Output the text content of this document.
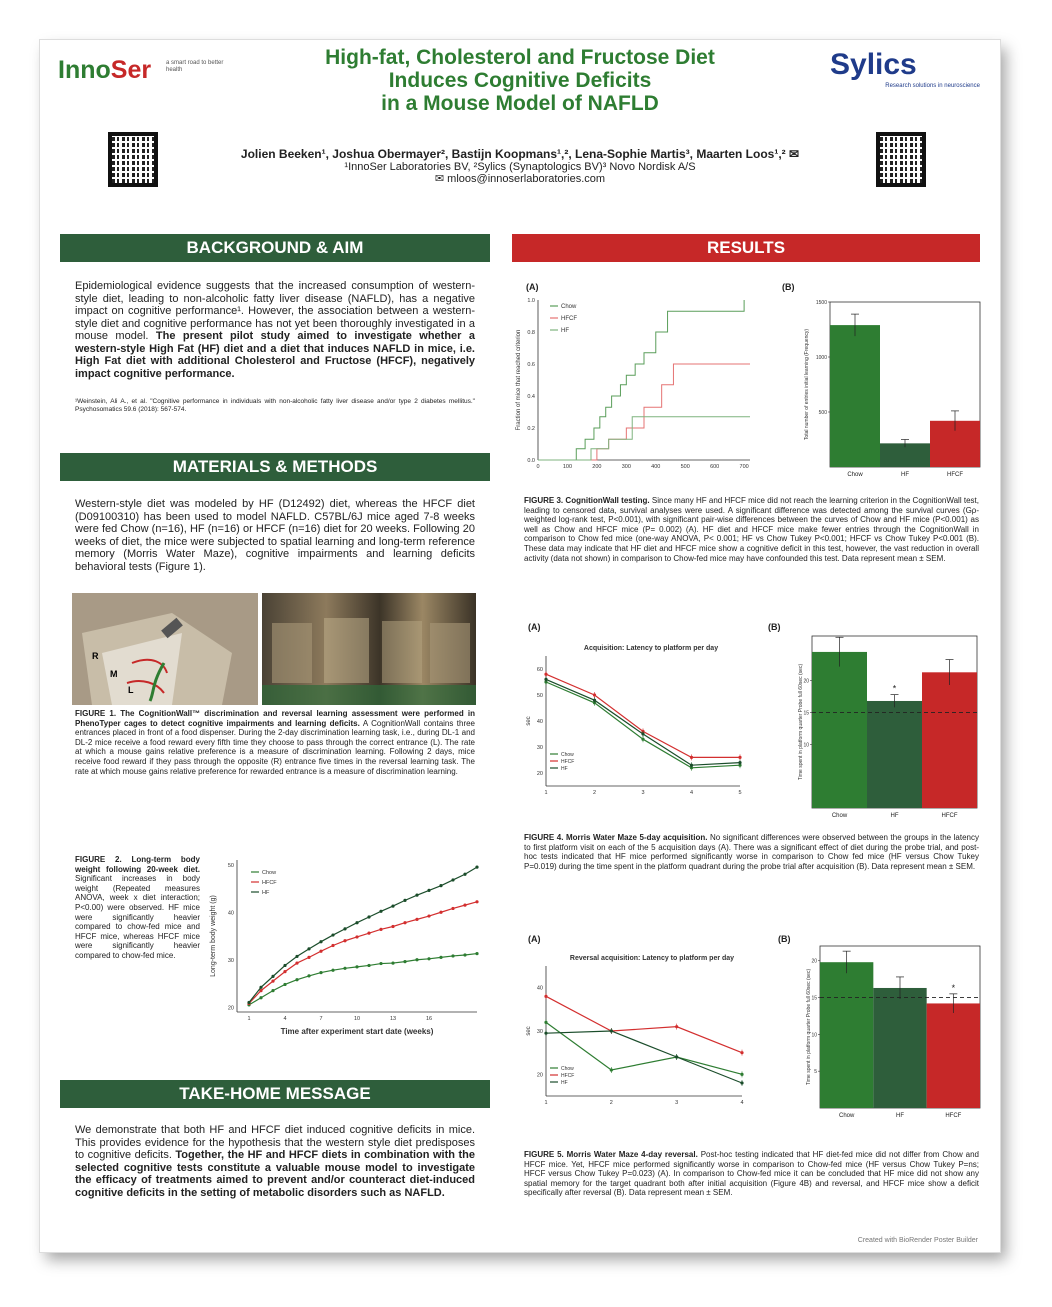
InnoSer a smart road to better health
High-fat, Cholesterol and Fructose Diet
Induces Cognitive Deficits
in a Mouse Model of NAFLD
Sylics
Research solutions in neuroscience
Jolien Beeken¹, Joshua Obermayer², Bastijn Koopmans¹,², Lena-Sophie Martis³, Maarten Loos¹,² ✉
¹InnoSer Laboratories BV, ²Sylics (Synaptologics BV)³ Novo Nordisk A/S
✉ mloos@innoserlaboratories.com
BACKGROUND & AIM
Epidemiological evidence suggests that the increased consumption of western-style diet, leading to non-alcoholic fatty liver disease (NAFLD), has a negative impact on cognitive performance¹. However, the association between a western-style diet and cognitive performance has not yet been thoroughly investigated in a mouse model. The present pilot study aimed to investigate whether a western-style High Fat (HF) diet and a diet that induces NAFLD in mice, i.e. High Fat diet with additional Cholesterol and Fructose (HFCF), negatively impact cognitive performance.
¹Weinstein, Ali A., et al. "Cognitive performance in individuals with non-alcoholic fatty liver disease and/or type 2 diabetes mellitus." Psychosomatics 59.6 (2018): 567-574.
MATERIALS & METHODS
Western-style diet was modeled by HF (D12492) diet, whereas the HFCF diet (D09100310) has been used to model NAFLD. C57BL/6J mice aged 7-8 weeks were fed Chow (n=16), HF (n=16) or HFCF (n=16) diet for 20 weeks. Following 20 weeks of diet, the mice were subjected to spatial learning and long-term reference memory (Morris Water Maze), cognitive impairments and learning deficits behavioral tests (Figure 1).
R
M
L
FIGURE 1. The CognitionWall™ discrimination and reversal learning assessment were performed in PhenoTyper cages to detect cognitive impairments and learning deficits. A CognitionWall contains three entrances placed in front of a food dispenser. During the 2-day discrimination learning task, i.e., during DL-1 and DL-2 mice receive a food reward every fifth time they choose to pass through the correct entrance (L). The rate at which a mouse gains relative preference is a measure of discrimination learning. Following 2 days, mice receive food reward if they pass through the opposite (R) entrance five times in the reversal learning task. The rate at which mouse gains relative preference for rewarded entrance is a measure of discrimination learning.
FIGURE 2. Long-term body weight following 20-week diet. Significant increases in body weight (Repeated measures ANOVA, week x diet interaction; P<0.00) were observed. HF mice were significantly heavier compared to chow-fed mice and HFCF mice, whereas HFCF mice were significantly heavier compared to chow-fed mice.
20
30
40
50
1	4	7	10	13	16
Long-term body weight (g)
Time after experiment start date (weeks)
Chow
HFCF
HF
TAKE-HOME MESSAGE
We demonstrate that both HF and HFCF diet induced cognitive deficits in mice. This provides evidence for the hypothesis that the western style diet predisposes to cognitive deficits. Together, the HF and HFCF diets in combination with the selected cognitive tests constitute a valuable mouse model to investigate the efficacy of treatments aimed to prevent and/or counteract diet-induced cognitive deficits in the setting of metabolic disorders such as NAFLD.
RESULTS
(A)	(B)
0.0
0.2
0.4
0.6
0.8
1.0
0	100	200	300	400	500	600	700
Fraction of mice that reached criterion
Chow
HFCF
HF
500
1000
1500
Chow	HF	HFCF
Total number of entries initial learning (Frequency)
FIGURE 3. CognitionWall testing. Since many HF and HFCF mice did not reach the learning criterion in the CognitionWall test, leading to censored data, survival analyses were used. A significant difference was detected among the survival curves (Gρ-weighted log-rank test, P<0.001), with significant pair-wise differences between the curves of Chow and HF mice (P<0.001) as well as Chow and HFCF mice (P= 0.002) (A). HF diet and HFCF mice make fewer entries through the CognitionWall in comparison to Chow fed mice (one-way ANOVA, P< 0.001; HF vs Chow Tukey P<0.001; HFCF vs Chow Tukey P<0.001 (B). These data may indicate that HF diet and HFCF mice show a cognitive deficit in this test, however, the vast reduction in overall activity (data not shown) in comparison to Chow-fed mice may have confounded this test. Data represent mean ± SEM.
(A)	(B)
20
30
40
50
60
1	2	3	4	5
Acquisition: Latency to platform per day
sec
Chow
HFCF
HF
10
15
20
Chow	HF
*
HFCF
Time spent in platform quarter Probe full 60sec (sec)
FIGURE 4. Morris Water Maze 5-day acquisition. No significant differences were observed between the groups in the latency to first platform visit on each of the 5 acquisition days (A). There was a significant effect of diet during the probe trial, and post-hoc tests indicated that HF mice performed significantly worse in comparison to Chow fed mice (HF versus Chow Tukey P=0.019) during the time spent in the platform quadrant during the probe trial after acquisition (B). Data represent mean ± SEM.
(A)	(B)
20
30
40
1	2	3	4
Reversal acquisition: Latency to platform per day
sec
Chow
HFCF
HF
5
10
15
20
Chow	HF	HFCF
*
Time spent in platform quarter Probe full 60sec (sec)
FIGURE 5. Morris Water Maze 4-day reversal. Post-hoc testing indicated that HF diet-fed mice did not differ from Chow and HFCF mice. Yet, HFCF mice performed significantly worse in comparison to Chow-fed mice (HF versus Chow Tukey P=ns; HFCF versus Chow Tukey P=0.023) (A). In comparison to Chow-fed mice it can be concluded that HF mice did not show any spatial memory for the target quadrant both after initial acquisition (Figure 4B) and reversal, and HFCF mice show a deficit specifically after reversal (B). Data represent mean ± SEM.
Created with BioRender Poster Builder
